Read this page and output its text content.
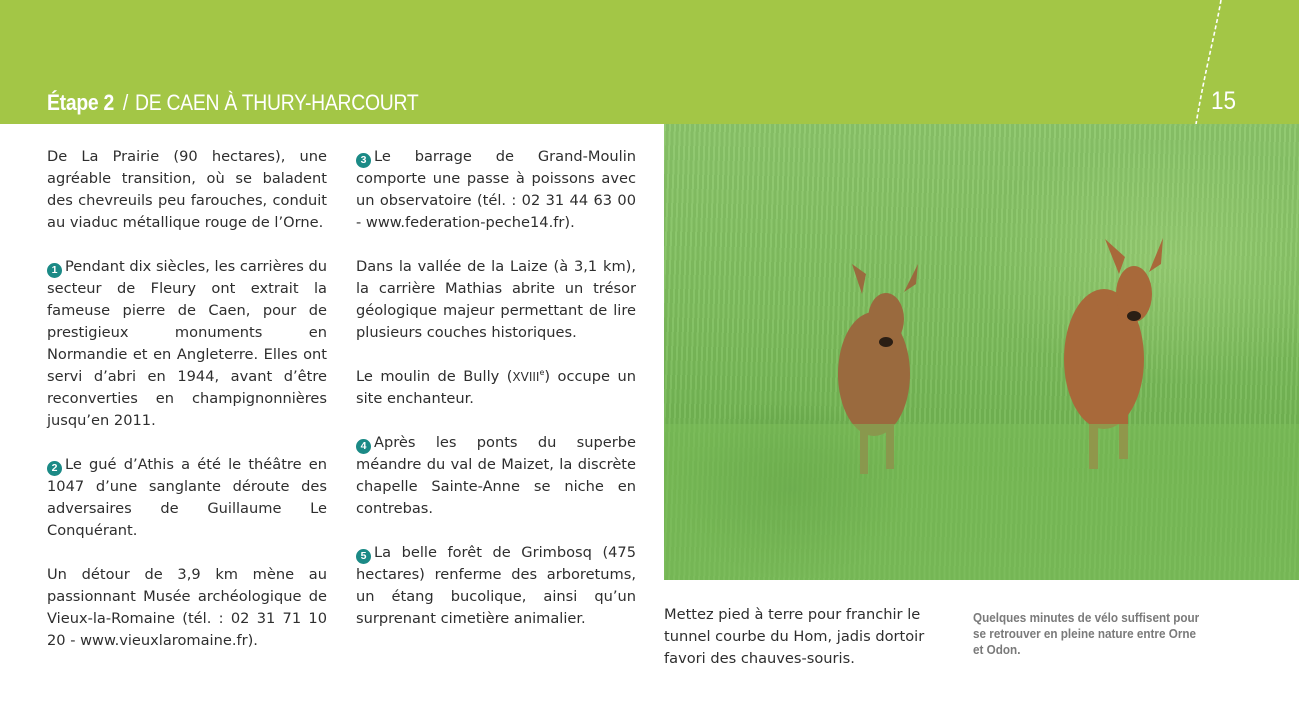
Étape 2 / DE CAEN À THURY-HARCOURT	15

De La Prairie (90 hectares), une agréable transition, où se baladent des chevreuils peu farouches, conduit au viaduc métallique rouge de l’Orne.

1 Pendant dix siècles, les carrières du secteur de Fleury ont extrait la fameuse pierre de Caen, pour de prestigieux monuments en Normandie et en Angleterre. Elles ont servi d’abri en 1944, avant d’être reconverties en champignonnières jusqu’en 2011.

2 Le gué d’Athis a été le théâtre en 1047 d’une sanglante déroute des adversaires de Guillaume Le Conquérant.

Un détour de 3,9 km mène au passionnant Musée archéologique de Vieux-la-Romaine (tél. : 02 31 71 10 20 - www.vieuxlaromaine.fr).

3 Le barrage de Grand-Moulin comporte une passe à poissons avec un observatoire (tél. : 02 31 44 63 00 - www.federation-peche14.fr).

Dans la vallée de la Laize (à 3,1 km), la carrière Mathias abrite un trésor géologique majeur permettant de lire plusieurs couches historiques.

Le moulin de Bully (XVIIIe) occupe un site enchanteur.

4 Après les ponts du superbe méandre du val de Maizet, la discrète chapelle Sainte-Anne se niche en contrebas.

5 La belle forêt de Grimbosq (475 hectares) renferme des arboretums, un étang bucolique, ainsi qu’un surprenant cimetière animalier.	Mettez pied à terre pour franchir le tunnel courbe du Hom, jadis dortoir favori des chauves-souris.
Quelques minutes de vélo suffisent pour se retrouver en pleine nature entre Orne et Odon.
